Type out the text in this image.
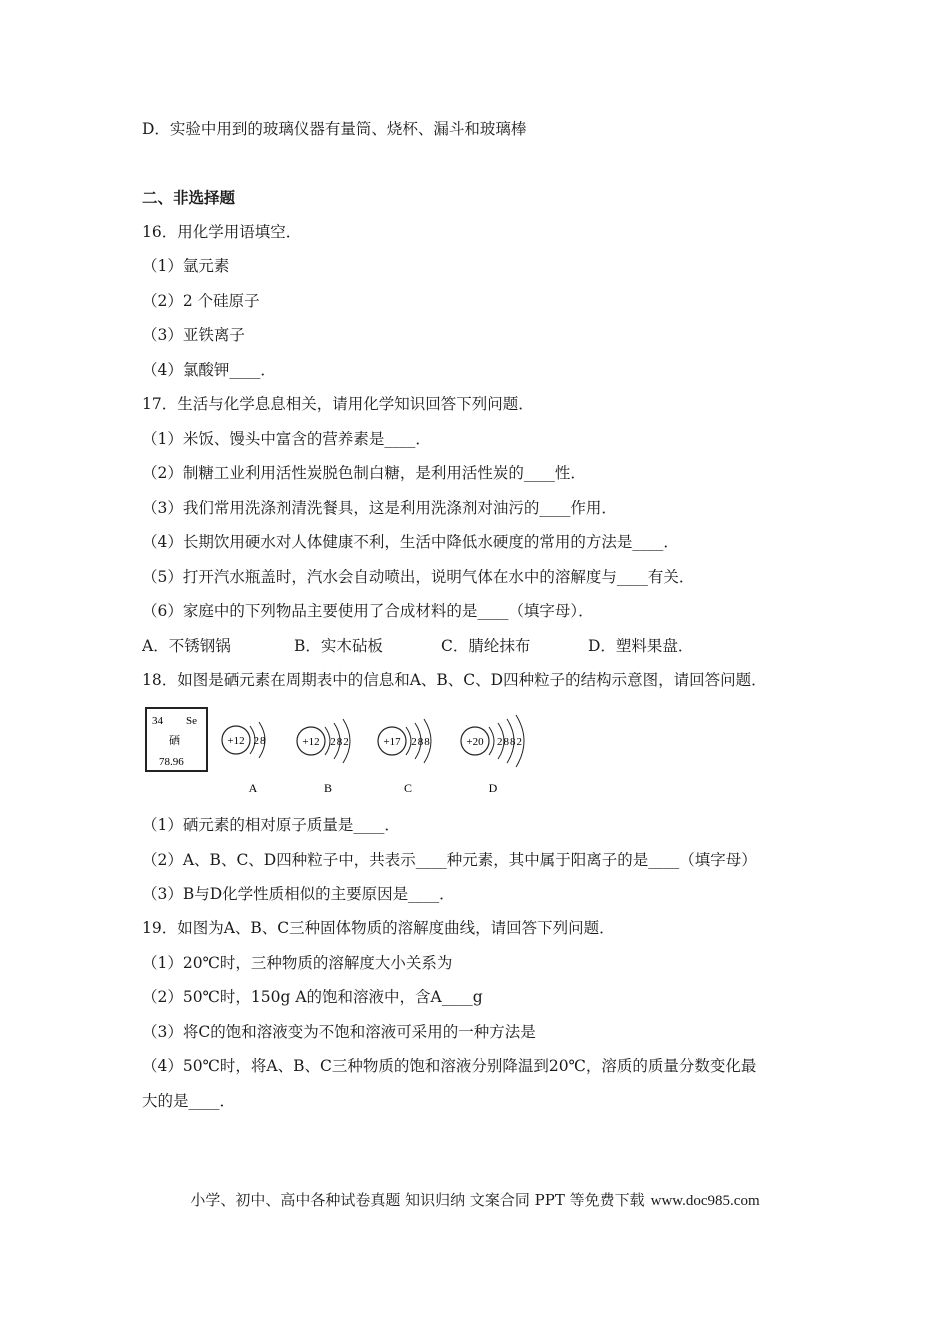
D．实验中用到的玻璃仪器有量筒、烧杯、漏斗和玻璃棒
二、非选择题
16．用化学用语填空．
（1）氩元素
（2）2 个硅原子
（3）亚铁离子
（4）氯酸钾____．
17．生活与化学息息相关，请用化学知识回答下列问题．
（1）米饭、馒头中富含的营养素是____．
（2）制糖工业利用活性炭脱色制白糖，是利用活性炭的____性．
（3）我们常用洗涤剂清洗餐具，这是利用洗涤剂对油污的____作用．
（4）长期饮用硬水对人体健康不利，生活中降低水硬度的常用的方法是____．
（5）打开汽水瓶盖时，汽水会自动喷出，说明气体在水中的溶解度与____有关．
（6）家庭中的下列物品主要使用了合成材料的是____（填字母）．
A．不锈钢锅	B．实木砧板	C．腈纶抹布	D．塑料果盘．
18．如图是硒元素在周期表中的信息和A、B、C、D四种粒子的结构示意图，请回答问题．
34 Se
硒
78.96
+12 28
A
+12 282
B
+17 288
C
+20 2882
D
（1）硒元素的相对原子质量是____．
（2）A、B、C、D四种粒子中，共表示____种元素，其中属于阳离子的是____（填字母）
（3）B与D化学性质相似的主要原因是____．
19．如图为A、B、C三种固体物质的溶解度曲线，请回答下列问题．
（1）20℃时，三种物质的溶解度大小关系为
（2）50℃时，150g A的饱和溶液中，含A____g
（3）将C的饱和溶液变为不饱和溶液可采用的一种方法是
（4）50℃时，将A、B、C三种物质的饱和溶液分别降温到20℃，溶质的质量分数变化最
大的是____．
小学、初中、高中各种试卷真题 知识归纳 文案合同 PPT 等免费下载 www.doc985.com
